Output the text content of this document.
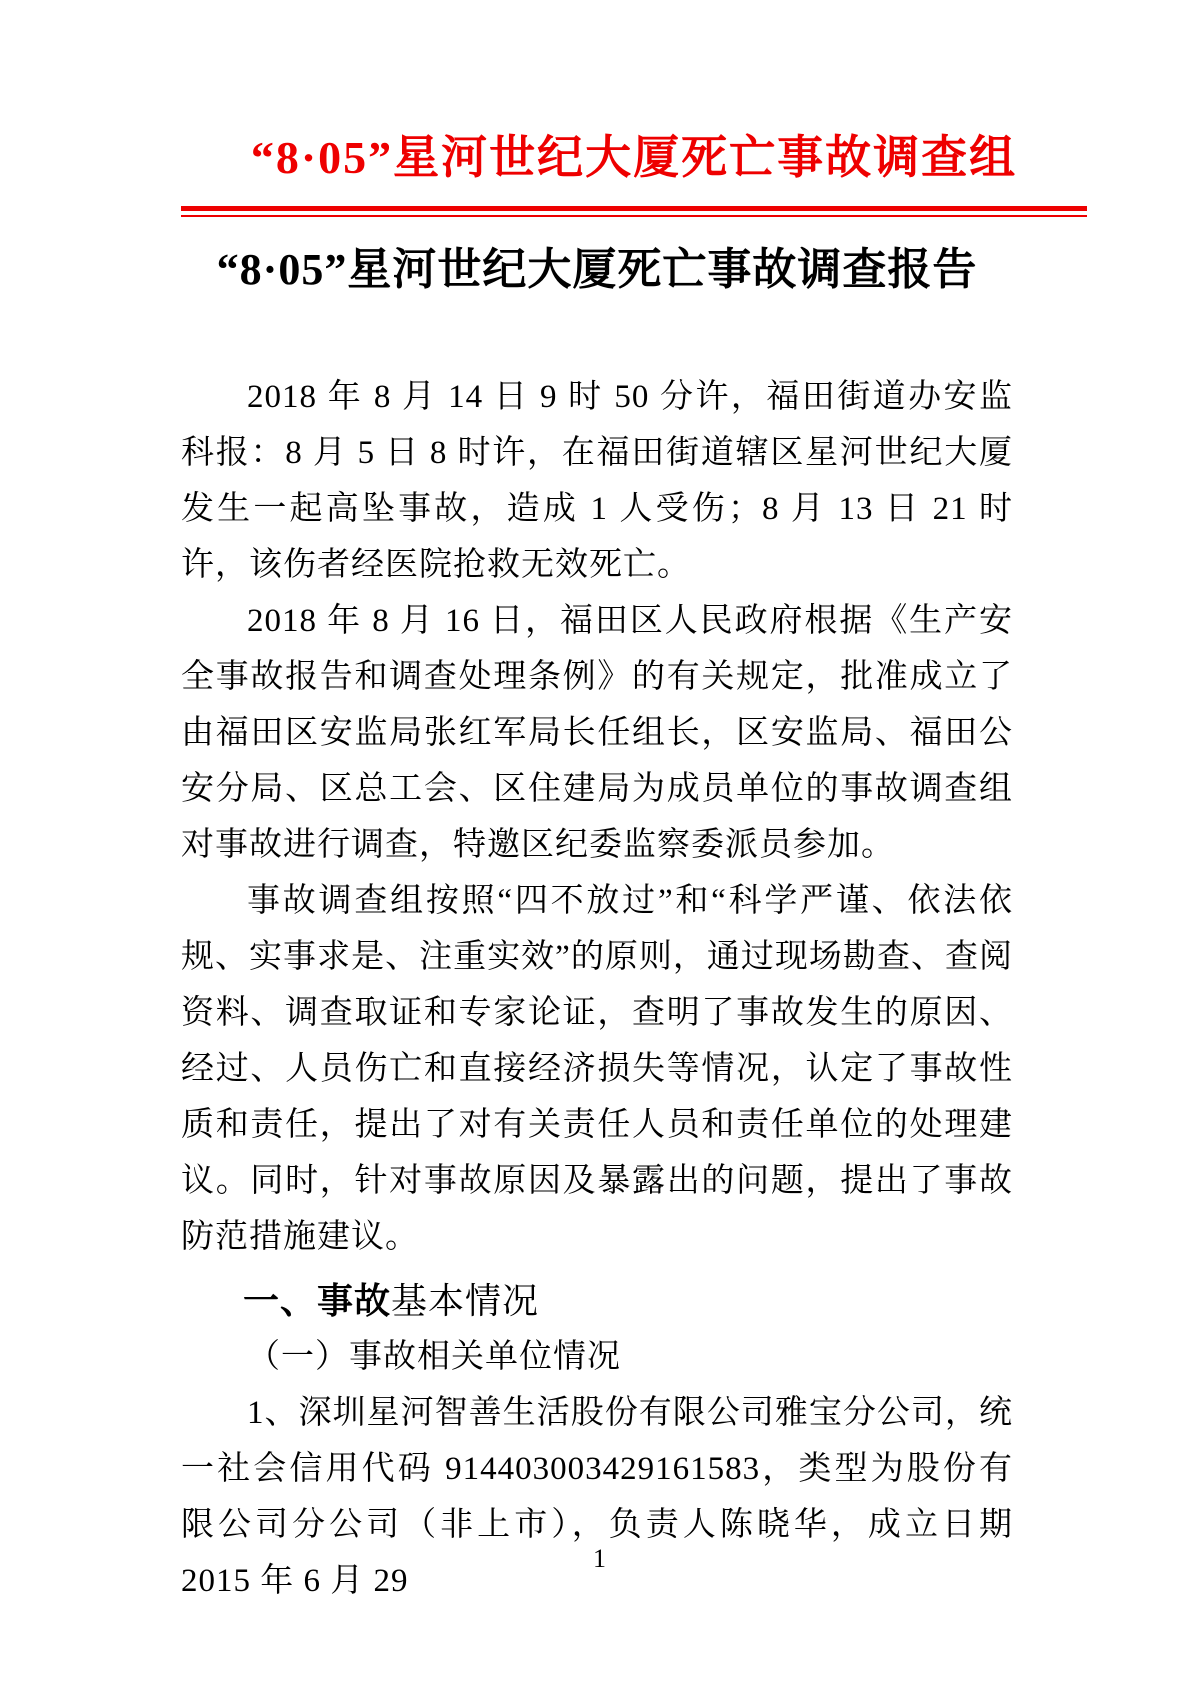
“8·05”星河世纪大厦死亡事故调查组
“8·05”星河世纪大厦死亡事故调查报告

2018 年 8 月 14 日 9 时 50 分许，福田街道办安监科报：8 月 5 日 8 时许，在福田街道辖区星河世纪大厦发生一起高坠事故，造成 1 人受伤；8 月 13 日 21 时许，该伤者经医院抢救无效死亡。

2018 年 8 月 16 日，福田区人民政府根据《生产安全事故报告和调查处理条例》的有关规定，批准成立了由福田区安监局张红军局长任组长，区安监局、福田公安分局、区总工会、区住建局为成员单位的事故调查组对事故进行调查，特邀区纪委监察委派员参加。

事故调查组按照“四不放过”和“科学严谨、依法依规、实事求是、注重实效”的原则，通过现场勘查、查阅资料、调查取证和专家论证，查明了事故发生的原因、经过、人员伤亡和直接经济损失等情况，认定了事故性质和责任，提出了对有关责任人员和责任单位的处理建议。同时，针对事故原因及暴露出的问题，提出了事故防范措施建议。

一、事故基本情况

（一）事故相关单位情况

1、深圳星河智善生活股份有限公司雅宝分公司，统一社会信用代码 914403003429161583，类型为股份有限公司分公司（非上市），负责人陈晓华，成立日期 2015 年 6 月 29

1
